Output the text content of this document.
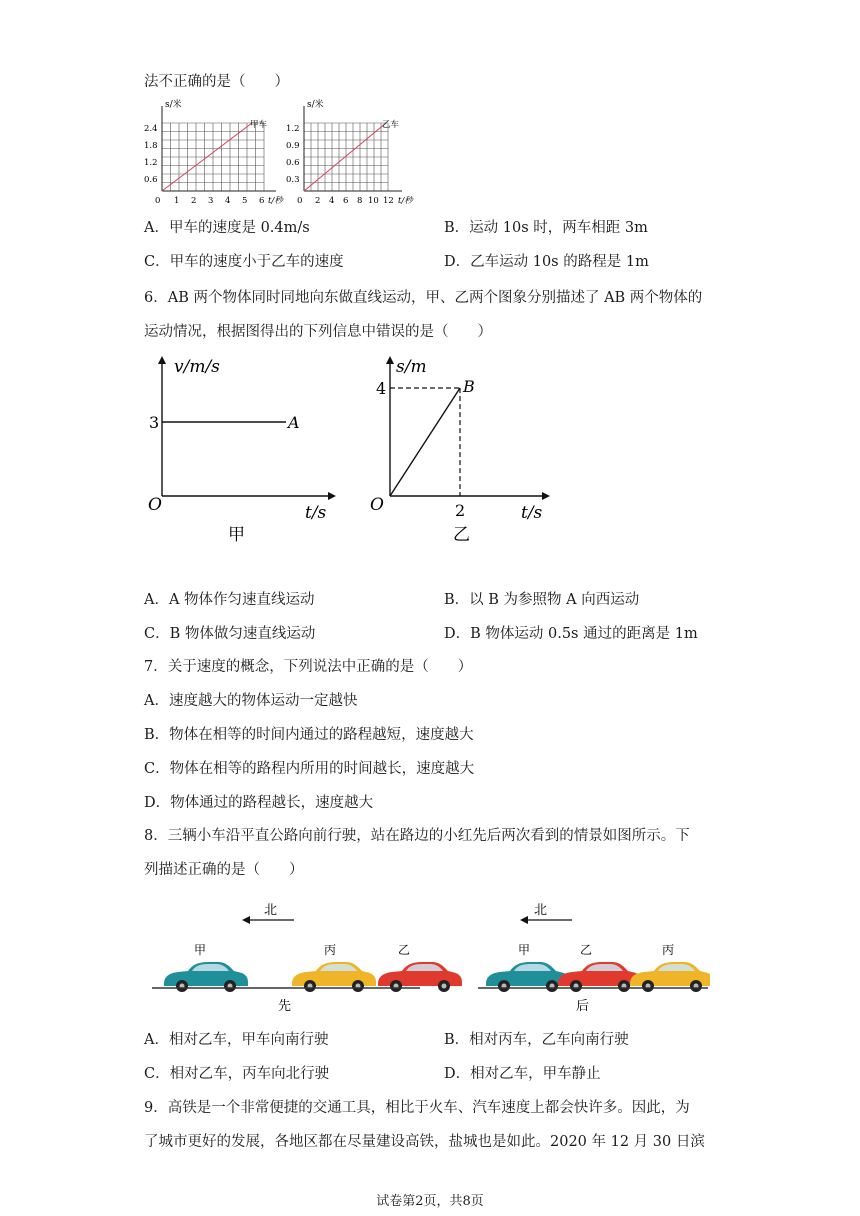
法不正确的是（　　）
s/米
甲车
2.4
1.8
1.2
0.6
0 1 2 3 4 5 6 t/秒
s/米
乙车
1.2
0.9
0.6
0.3
0 2 4 6 8 10 12 t/秒
A．甲车的速度是 0.4m/s	B．运动 10s 时，两车相距 3m
C．甲车的速度小于乙车的速度	D．乙车运动 10s 的路程是 1m
6．AB 两个物体同时同地向东做直线运动，甲、乙两个图象分别描述了 AB 两个物体的
运动情况，根据图得出的下列信息中错误的是（　　）
v/m/s
3	A
O	t/s
甲
s/m
4	B
O	2	t/s
乙
A．A 物体作匀速直线运动	B．以 B 为参照物 A 向西运动
C．B 物体做匀速直线运动	D．B 物体运动 0.5s 通过的距离是 1m
7．关于速度的概念，下列说法中正确的是（　　）
A．速度越大的物体运动一定越快
B．物体在相等的时间内通过的路程越短，速度越大
C．物体在相等的路程内所用的时间越长，速度越大
D．物体通过的路程越长，速度越大
8．三辆小车沿平直公路向前行驶，站在路边的小红先后两次看到的情景如图所示。下
列描述正确的是（　　）
北
甲	丙	乙
先
北
甲	乙	丙
后
A．相对乙车，甲车向南行驶	B．相对丙车，乙车向南行驶
C．相对乙车，丙车向北行驶	D．相对乙车，甲车静止
9．高铁是一个非常便捷的交通工具，相比于火车、汽车速度上都会快许多。因此，为
了城市更好的发展，各地区都在尽量建设高铁，盐城也是如此。2020 年 12 月 30 日滨
试卷第2页，共8页
